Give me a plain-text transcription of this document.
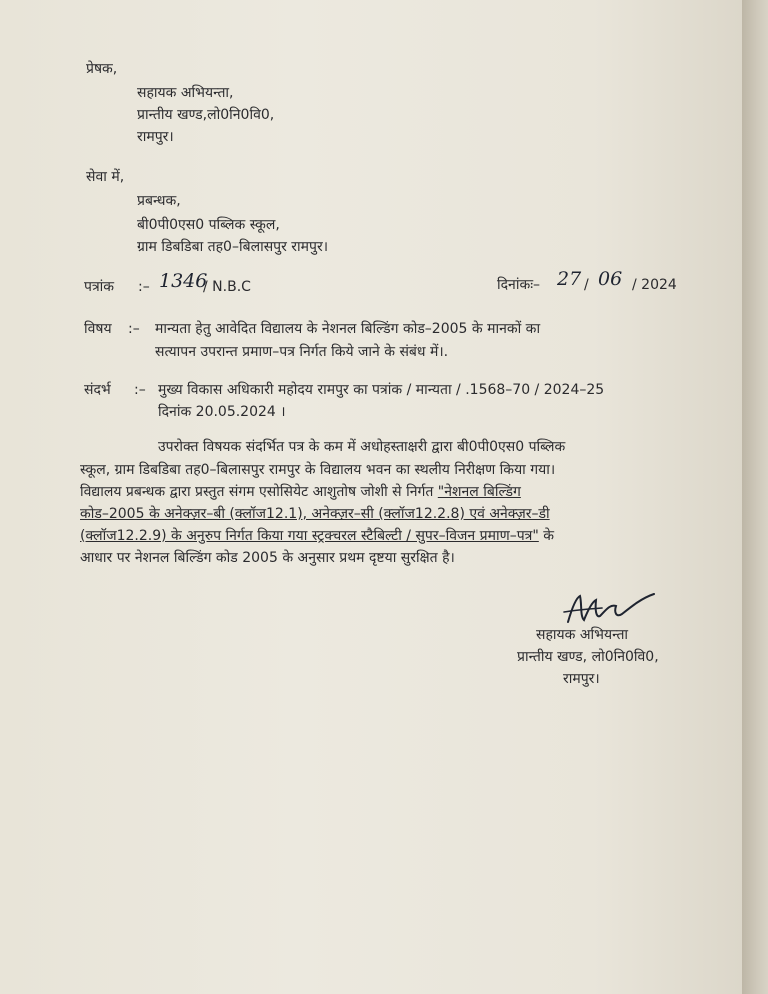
प्रेषक,
सहायक अभियन्ता,
प्रान्तीय खण्ड,लो0नि0वि0,
रामपुर।
सेवा में,
प्रबन्धक,
बी0पी0एस0 पब्लिक स्कूल,
ग्राम डिबडिबा तह0–बिलासपुर रामपुर।
पत्रांक :– 1346
/ N.B.C	दिनांकः– 27 / 06 / 2024
विषय :– मान्यता हेतु आवेदित विद्यालय के नेशनल बिल्डिंग कोड–2005 के मानकों का
सत्यापन उपरान्त प्रमाण–पत्र निर्गत किये जाने के संबंध में।.
संदर्भ :– मुख्य विकास अधिकारी महोदय रामपुर का पत्रांक / मान्यता / .1568–70 / 2024–25
दिनांक 20.05.2024 ।
उपरोक्त विषयक संदर्भित पत्र के कम में अधोहस्ताक्षरी द्वारा बी0पी0एस0 पब्लिक
स्कूल, ग्राम डिबडिबा तह0–बिलासपुर रामपुर के विद्यालय भवन का स्थलीय निरीक्षण किया गया।
विद्यालय प्रबन्धक द्वारा प्रस्तुत संगम एसोसियेट आशुतोष जोशी से निर्गत "नेशनल बिल्डिंग
कोड–2005 के अनेक्ज़र–बी (क्लॉज12.1), अनेक्ज़र–सी (क्लॉज12.2.8) एवं अनेक्ज़र–डी
(क्लॉज12.2.9) के अनुरुप निर्गत किया गया स्ट्रक्चरल स्टैबिल्टी / सुपर–विजन प्रमाण–पत्र" के
आधार पर नेशनल बिल्डिंग कोड 2005 के अनुसार प्रथम दृष्टया सुरक्षित है।
सहायक अभियन्ता
प्रान्तीय खण्ड, लो0नि0वि0,
रामपुर।
